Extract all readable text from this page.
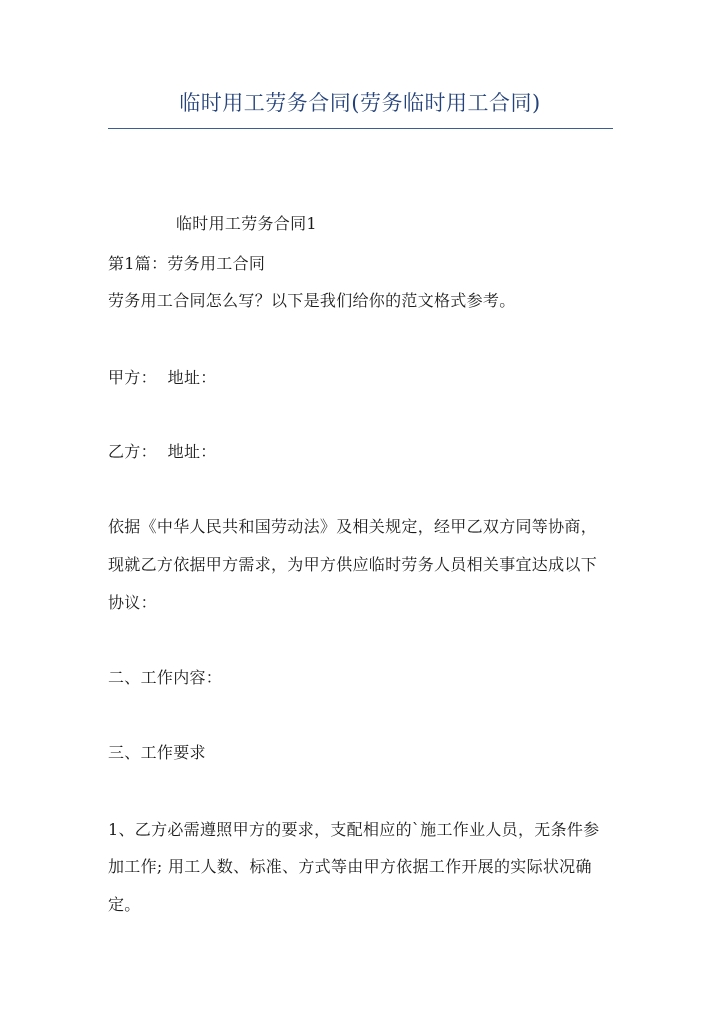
临时用工劳务合同(劳务临时用工合同)
临时用工劳务合同1
第1篇：劳务用工合同
劳务用工合同怎么写？以下是我们给你的范文格式参考。
甲方：  地址：
乙方：  地址：
依据《中华人民共和国劳动法》及相关规定，经甲乙双方同等协商，
现就乙方依据甲方需求，为甲方供应临时劳务人员相关事宜达成以下
协议：
二、工作内容：
三、工作要求
1、乙方必需遵照甲方的要求，支配相应的`施工作业人员，无条件参
加工作; 用工人数、标准、方式等由甲方依据工作开展的实际状况确
定。
